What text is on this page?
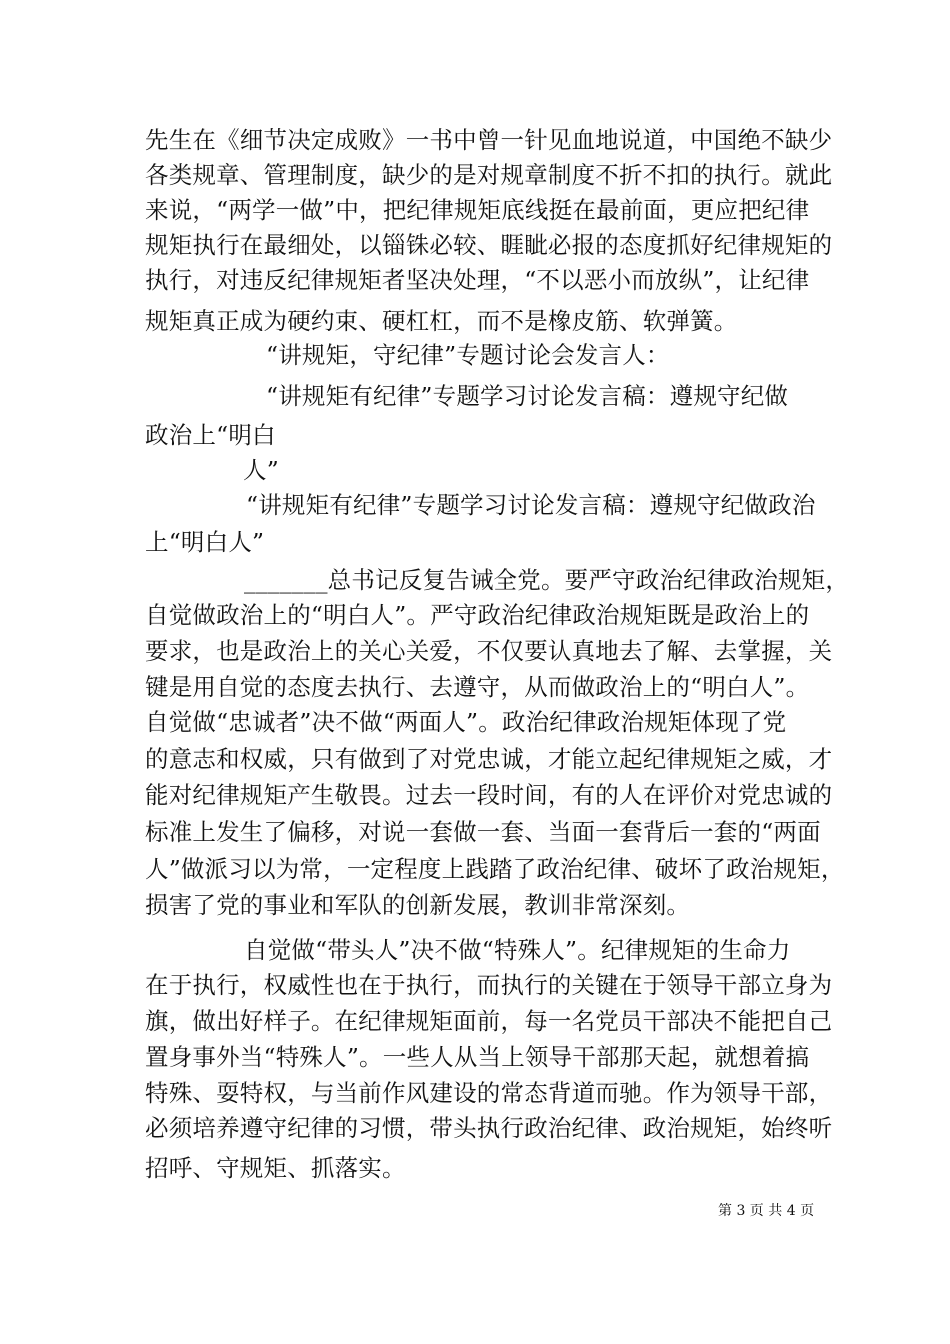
先生在《细节决定成败》一书中曾一针见血地说道，中国绝不缺少
各类规章、管理制度，缺少的是对规章制度不折不扣的执行。就此
来说，“两学一做”中，把纪律规矩底线挺在最前面，更应把纪律
规矩执行在最细处，以锱铢必较、睚眦必报的态度抓好纪律规矩的
执行，对违反纪律规矩者坚决处理，“不以恶小而放纵”，让纪律
规矩真正成为硬约束、硬杠杠，而不是橡皮筋、软弹簧。
“讲规矩，守纪律”专题讨论会发言人：
“讲规矩有纪律”专题学习讨论发言稿：遵规守纪做
政治上“明白
人”
“讲规矩有纪律”专题学习讨论发言稿：遵规守纪做政治
上“明白人”
_______总书记反复告诫全党。要严守政治纪律政治规矩，
自觉做政治上的“明白人”。严守政治纪律政治规矩既是政治上的
要求，也是政治上的关心关爱，不仅要认真地去了解、去掌握，关
键是用自觉的态度去执行、去遵守，从而做政治上的“明白人”。
自觉做“忠诚者”决不做“两面人”。政治纪律政治规矩体现了党
的意志和权威，只有做到了对党忠诚，才能立起纪律规矩之威，才
能对纪律规矩产生敬畏。过去一段时间，有的人在评价对党忠诚的
标准上发生了偏移，对说一套做一套、当面一套背后一套的“两面
人”做派习以为常，一定程度上践踏了政治纪律、破坏了政治规矩，
损害了党的事业和军队的创新发展，教训非常深刻。
自觉做“带头人”决不做“特殊人”。纪律规矩的生命力
在于执行，权威性也在于执行，而执行的关键在于领导干部立身为
旗，做出好样子。在纪律规矩面前，每一名党员干部决不能把自己
置身事外当“特殊人”。一些人从当上领导干部那天起，就想着搞
特殊、耍特权，与当前作风建设的常态背道而驰。作为领导干部，
必须培养遵守纪律的习惯，带头执行政治纪律、政治规矩，始终听
招呼、守规矩、抓落实。
第 3 页 共 4 页
